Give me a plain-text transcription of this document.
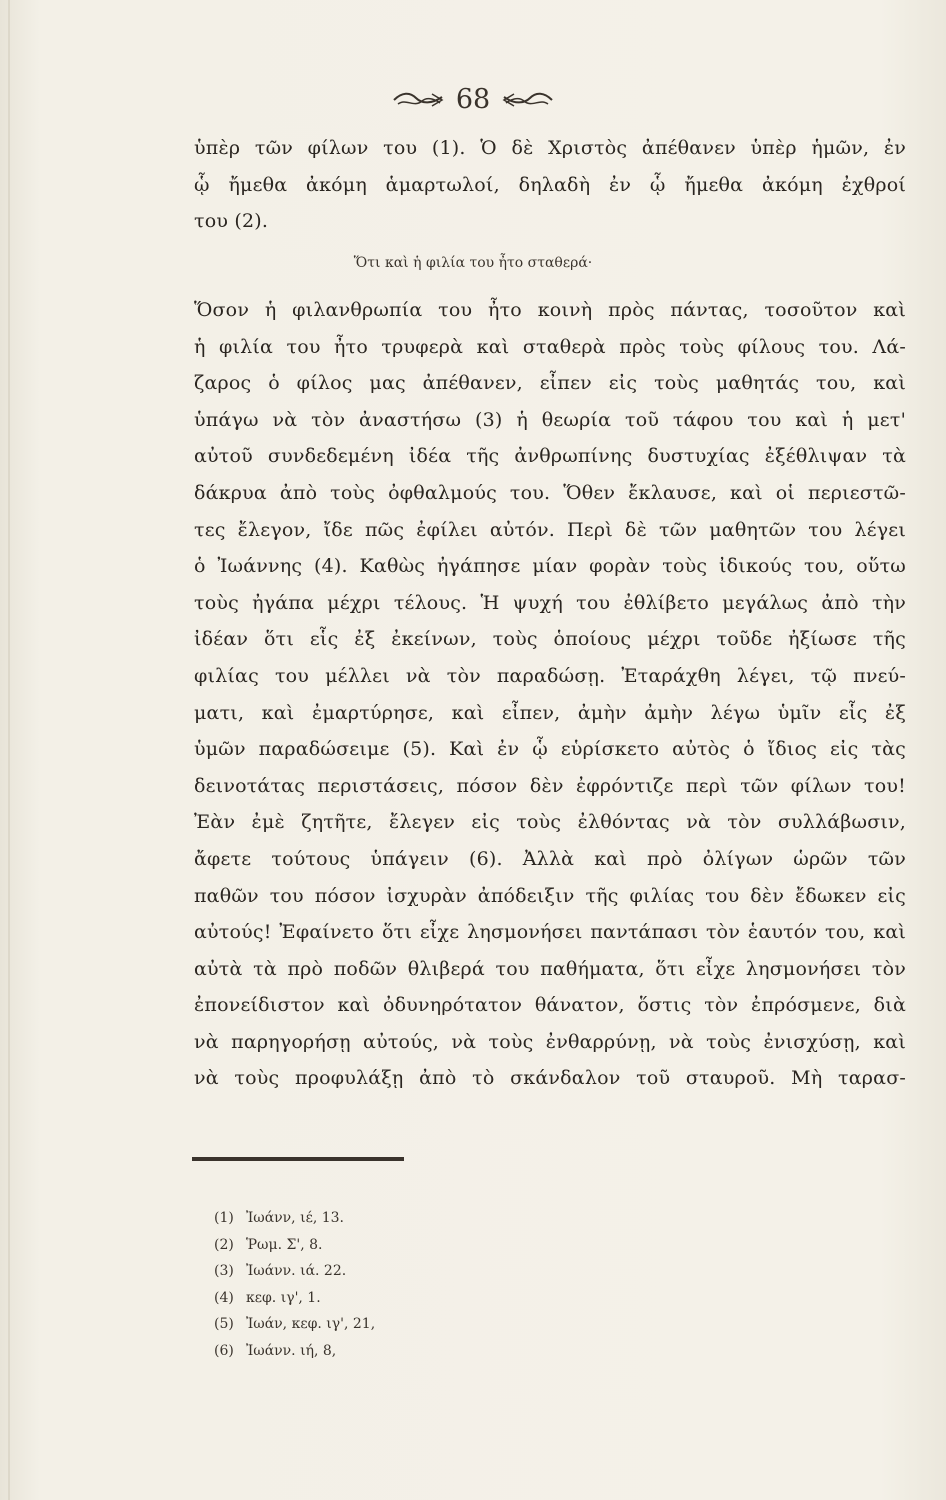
68
ὑπὲρ τῶν φίλων του (1). Ὁ δὲ Χριστὸς ἀπέθανεν ὑπὲρ ἡμῶν, ἐν
ᾧ ἤμεθα ἀκόμη ἁμαρτωλοί, δηλαδὴ ἐν ᾧ ἤμεθα ἀκόμη ἐχθροί
του (2).
Ὅτι καὶ ἡ φιλία του ἦτο σταθερά·
Ὅσον ἡ φιλανθρωπία του ἦτο κοινὴ πρὸς πάντας, τοσοῦτον καὶ
ἡ φιλία του ἦτο τρυφερὰ καὶ σταθερὰ πρὸς τοὺς φίλους του. Λά-
ζαρος ὁ φίλος μας ἀπέθανεν, εἶπεν εἰς τοὺς μαθητάς του, καὶ
ὑπάγω νὰ τὸν ἀναστήσω (3) ἡ θεωρία τοῦ τάφου του καὶ ἡ μετ'
αὐτοῦ συνδεδεμένη ἰδέα τῆς ἀνθρωπίνης δυστυχίας ἐξέθλιψαν τὰ
δάκρυα ἀπὸ τοὺς ὀφθαλμούς του. Ὅθεν ἔκλαυσε, καὶ οἱ περιεστῶ-
τες ἔλεγον, ἴδε πῶς ἐφίλει αὐτόν. Περὶ δὲ τῶν μαθητῶν του λέγει
ὁ Ἰωάννης (4). Καθὼς ἠγάπησε μίαν φορὰν τοὺς ἰδικούς του, οὕτω
τοὺς ἠγάπα μέχρι τέλους. Ἡ ψυχή του ἐθλίβετο μεγάλως ἀπὸ τὴν
ἰδέαν ὅτι εἷς ἐξ ἐκείνων, τοὺς ὁποίους μέχρι τοῦδε ἠξίωσε τῆς
φιλίας του μέλλει νὰ τὸν παραδώσῃ. Ἐταράχθη λέγει, τῷ πνεύ-
ματι, καὶ ἐμαρτύρησε, καὶ εἶπεν, ἀμὴν ἀμὴν λέγω ὑμῖν εἷς ἐξ
ὑμῶν παραδώσειμε (5). Καὶ ἐν ᾧ εὑρίσκετο αὐτὸς ὁ ἴδιος εἰς τὰς
δεινοτάτας περιστάσεις, πόσον δὲν ἐφρόντιζε περὶ τῶν φίλων του!
Ἐὰν ἐμὲ ζητῆτε, ἔλεγεν εἰς τοὺς ἐλθόντας νὰ τὸν συλλάβωσιν,
ἄφετε τούτους ὑπάγειν (6). Ἀλλὰ καὶ πρὸ ὀλίγων ὡρῶν τῶν
παθῶν του πόσον ἰσχυρὰν ἀπόδειξιν τῆς φιλίας του δὲν ἔδωκεν εἰς
αὐτούς! Ἐφαίνετο ὅτι εἶχε λησμονήσει παντάπασι τὸν ἑαυτόν του, καὶ
αὐτὰ τὰ πρὸ ποδῶν θλιβερά του παθήματα, ὅτι εἶχε λησμονήσει τὸν
ἐπονείδιστον καὶ ὀδυνηρότατον θάνατον, ὅστις τὸν ἐπρόσμενε, διὰ
νὰ παρηγορήσῃ αὐτούς, νὰ τοὺς ἐνθαρρύνῃ, νὰ τοὺς ἐνισχύσῃ, καὶ
νὰ τοὺς προφυλάξῃ ἀπὸ τὸ σκάνδαλον τοῦ σταυροῦ. Μὴ ταρασ-
(1) Ἰωάνν, ιέ, 13.
(2) Ῥωμ. Σ', 8.
(3) Ἰωάνν. ιά. 22.
(4) κεφ. ιγ', 1.
(5) Ἰωάν, κεφ. ιγ', 21,
(6) Ἰωάνν. ιή, 8,
